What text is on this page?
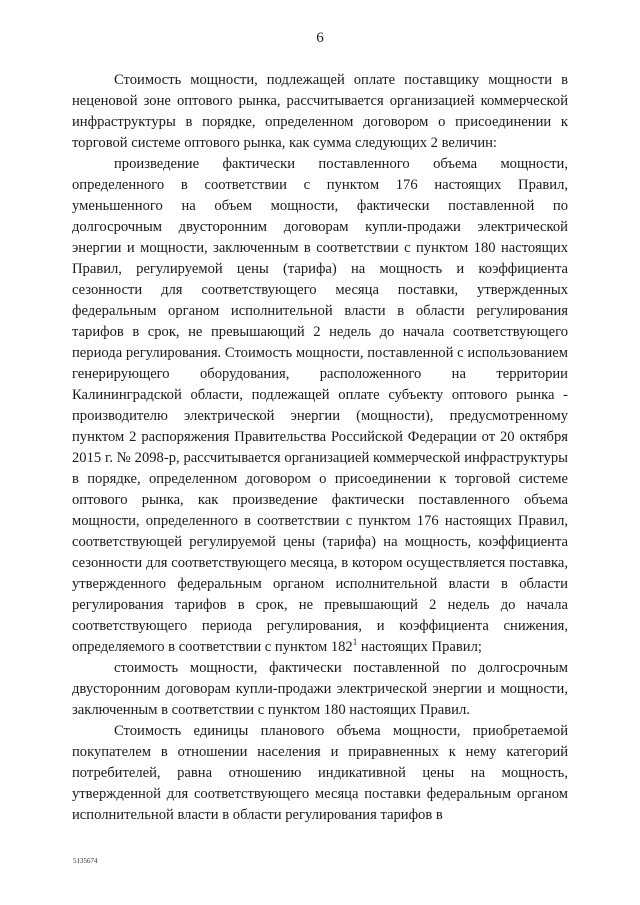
6

Стоимость мощности, подлежащей оплате поставщику мощности в неценовой зоне оптового рынка, рассчитывается организацией коммерческой инфраструктуры в порядке, определенном договором о присоединении к торговой системе оптового рынка, как сумма следующих 2 величин:

произведение фактически поставленного объема мощности, определенного в соответствии с пунктом 176 настоящих Правил, уменьшенного на объем мощности, фактически поставленной по долгосрочным двусторонним договорам купли-продажи электрической энергии и мощности, заключенным в соответствии с пунктом 180 настоящих Правил, регулируемой цены (тарифа) на мощность и коэффициента сезонности для соответствующего месяца поставки, утвержденных федеральным органом исполнительной власти в области регулирования тарифов в срок, не превышающий 2 недель до начала соответствующего периода регулирования. Стоимость мощности, поставленной с использованием генерирующего оборудования, расположенного на территории Калининградской области, подлежащей оплате субъекту оптового рынка - производителю электрической энергии (мощности), предусмотренному пунктом 2 распоряжения Правительства Российской Федерации от 20 октября 2015 г. № 2098-р, рассчитывается организацией коммерческой инфраструктуры в порядке, определенном договором о присоединении к торговой системе оптового рынка, как произведение фактически поставленного объема мощности, определенного в соответствии с пунктом 176 настоящих Правил, соответствующей регулируемой цены (тарифа) на мощность, коэффициента сезонности для соответствующего месяца, в котором осуществляется поставка, утвержденного федеральным органом исполнительной власти в области регулирования тарифов в срок, не превышающий 2 недель до начала соответствующего периода регулирования, и коэффициента снижения, определяемого в соответствии с пунктом $182^1$ настоящих Правил;

стоимость мощности, фактически поставленной по долгосрочным двусторонним договорам купли-продажи электрической энергии и мощности, заключенным в соответствии с пунктом 180 настоящих Правил.

Стоимость единицы планового объема мощности, приобретаемой покупателем в отношении населения и приравненных к нему категорий потребителей, равна отношению индикативной цены на мощность, утвержденной для соответствующего месяца поставки федеральным органом исполнительной власти в области регулирования тарифов в

5135674
